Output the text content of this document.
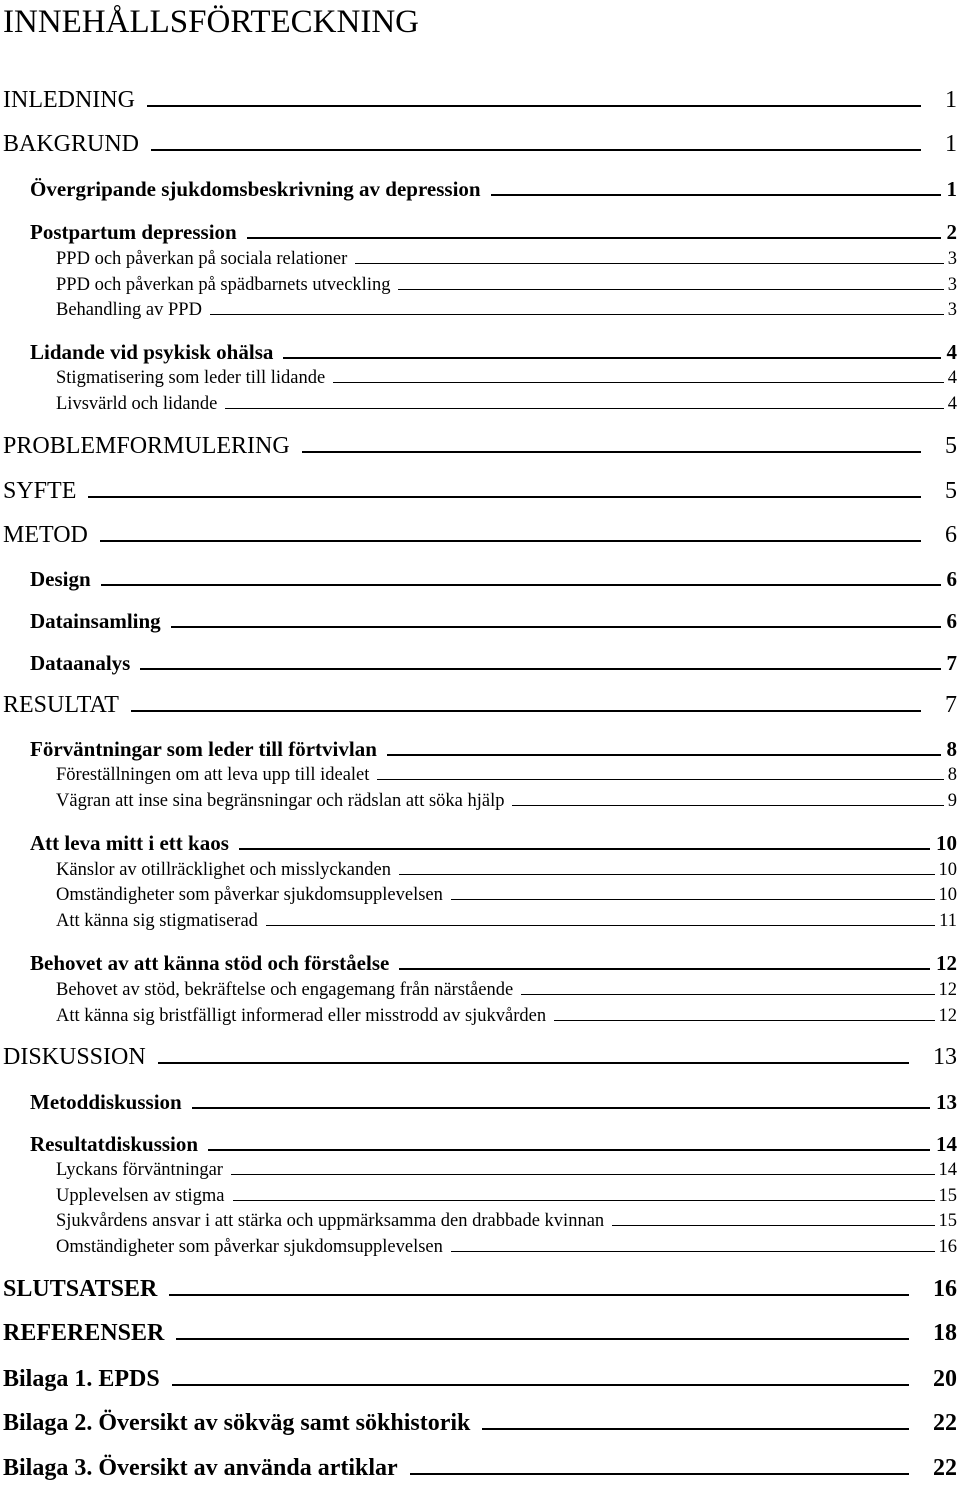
INNEHÅLLSFÖRTECKNING
INLEDNING	1
BAKGRUND	1
Övergripande sjukdomsbeskrivning av depression	1
Postpartum depression	2
PPD och påverkan på sociala relationer	3
PPD och påverkan på spädbarnets utveckling	3
Behandling av PPD	3
Lidande vid psykisk ohälsa	4
Stigmatisering som leder till lidande	4
Livsvärld och lidande	4
PROBLEMFORMULERING	5
SYFTE	5
METOD	6
Design	6
Datainsamling	6
Dataanalys	7
RESULTAT	7
Förväntningar som leder till förtvivlan	8
Föreställningen om att leva upp till idealet	8
Vägran att inse sina begränsningar och rädslan att söka hjälp	9
Att leva mitt i ett kaos	10
Känslor av otillräcklighet och misslyckanden	10
Omständigheter som påverkar sjukdomsupplevelsen	10
Att känna sig stigmatiserad	11
Behovet av att känna stöd och förståelse	12
Behovet av stöd, bekräftelse och engagemang från närstående	12
Att känna sig bristfälligt informerad eller misstrodd av sjukvården	12
DISKUSSION	13
Metoddiskussion	13
Resultatdiskussion	14
Lyckans förväntningar	14
Upplevelsen av stigma	15
Sjukvårdens ansvar i att stärka och uppmärksamma den drabbade kvinnan	15
Omständigheter som påverkar sjukdomsupplevelsen	16
SLUTSATSER	16
REFERENSER	18
Bilaga 1. EPDS	20
Bilaga 2. Översikt av sökväg samt sökhistorik	22
Bilaga 3. Översikt av använda artiklar	22
